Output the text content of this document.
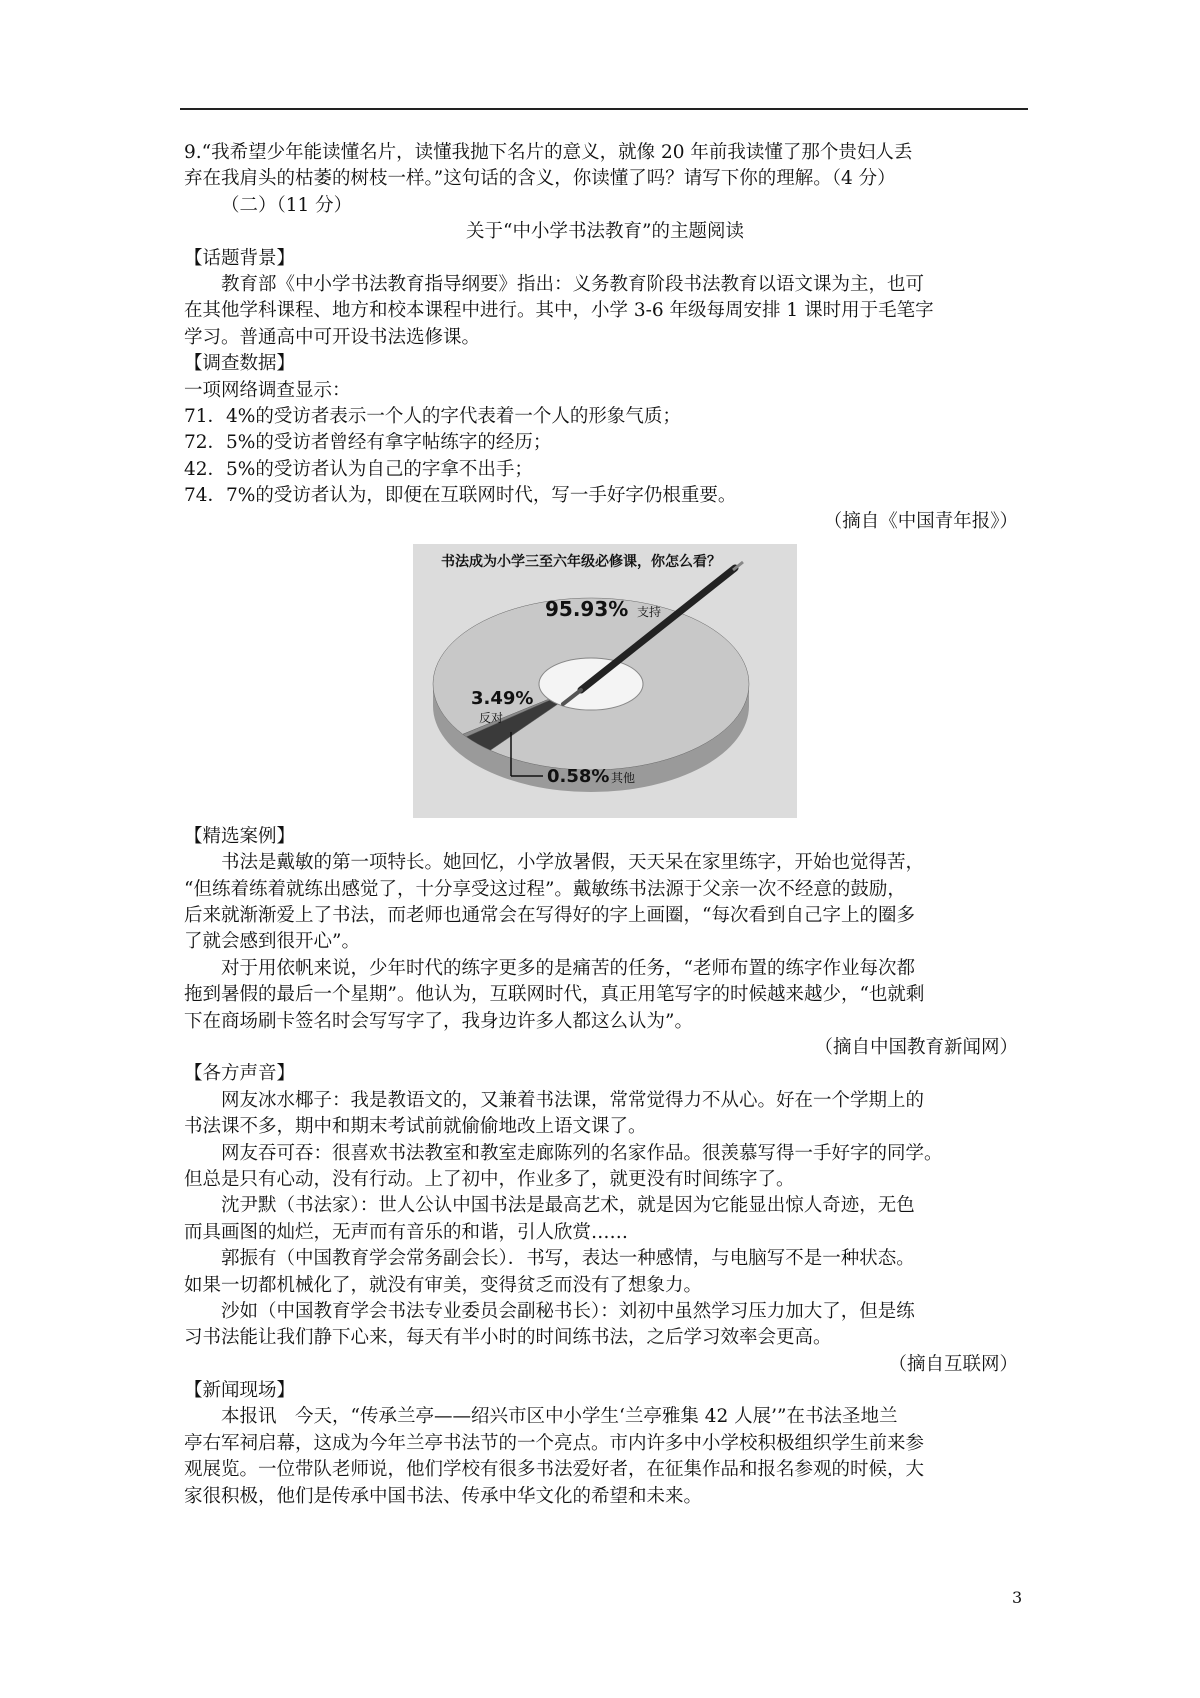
9.“我希望少年能读懂名片，读懂我抛下名片的意义，就像 20 年前我读懂了那个贵妇人丢

弃在我肩头的枯萎的树枝一样。”这句话的含义，你读懂了吗？请写下你的理解。（4 分）

（二）（11 分）

关于“中小学书法教育”的主题阅读

【话题背景】

教育部《中小学书法教育指导纲要》指出：义务教育阶段书法教育以语文课为主，也可

在其他学科课程、地方和校本课程中进行。其中，小学 3-6 年级每周安排 1 课时用于毛笔字

学习。普通高中可开设书法选修课。

【调查数据】

一项网络调查显示：

71．4%的受访者表示一个人的字代表着一个人的形象气质；

72．5%的受访者曾经有拿字帖练字的经历；

42．5%的受访者认为自己的字拿不出手；

74．7%的受访者认为，即便在互联网时代，写一手好字仍根重要。

（摘自《中国青年报》）

书法成为小学三至六年级必修课，你怎么看？
95.93% 支持
3.49%
反对
0.58% 其他

【精选案例】

书法是戴敏的第一项特长。她回忆，小学放暑假，天天呆在家里练字，开始也觉得苦，

“但练着练着就练出感觉了，十分享受这过程”。戴敏练书法源于父亲一次不经意的鼓励，

后来就渐渐爱上了书法，而老师也通常会在写得好的字上画圈，“每次看到自己字上的圈多

了就会感到很开心”。

对于用依帆来说，少年时代的练字更多的是痛苦的任务，“老师布置的练字作业每次都

拖到暑假的最后一个星期”。他认为，互联网时代，真正用笔写字的时候越来越少，“也就剩

下在商场刷卡签名时会写写字了，我身边许多人都这么认为”。

（摘自中国教育新闻网）

【各方声音】

网友冰水椰子：我是教语文的，又兼着书法课，常常觉得力不从心。好在一个学期上的

书法课不多，期中和期末考试前就偷偷地改上语文课了。

网友吞可吞：很喜欢书法教室和教室走廊陈列的名家作品。很羡慕写得一手好字的同学。

但总是只有心动，没有行动。上了初中，作业多了，就更没有时间练字了。

沈尹默（书法家）：世人公认中国书法是最高艺术，就是因为它能显出惊人奇迹，无色

而具画图的灿烂，无声而有音乐的和谐，引人欣赏……

郭振有（中国教育学会常务副会长）．书写，表达一种感情，与电脑写不是一种状态。

如果一切都机械化了，就没有审美，变得贫乏而没有了想象力。

沙如（中国教育学会书法专业委员会副秘书长）：刘初中虽然学习压力加大了，但是练

习书法能让我们静下心来，每天有半小时的时间练书法，之后学习效率会更高。

（摘自互联网）

【新闻现场】

本报讯　今天，“传承兰亭——绍兴市区中小学生‘兰亭雅集 42 人展’”在书法圣地兰

亭右军祠启幕，这成为今年兰亭书法节的一个亮点。市内许多中小学校积极组织学生前来参

观展览。一位带队老师说，他们学校有很多书法爱好者，在征集作品和报名参观的时候，大

家很积极，他们是传承中国书法、传承中华文化的希望和未来。

3
